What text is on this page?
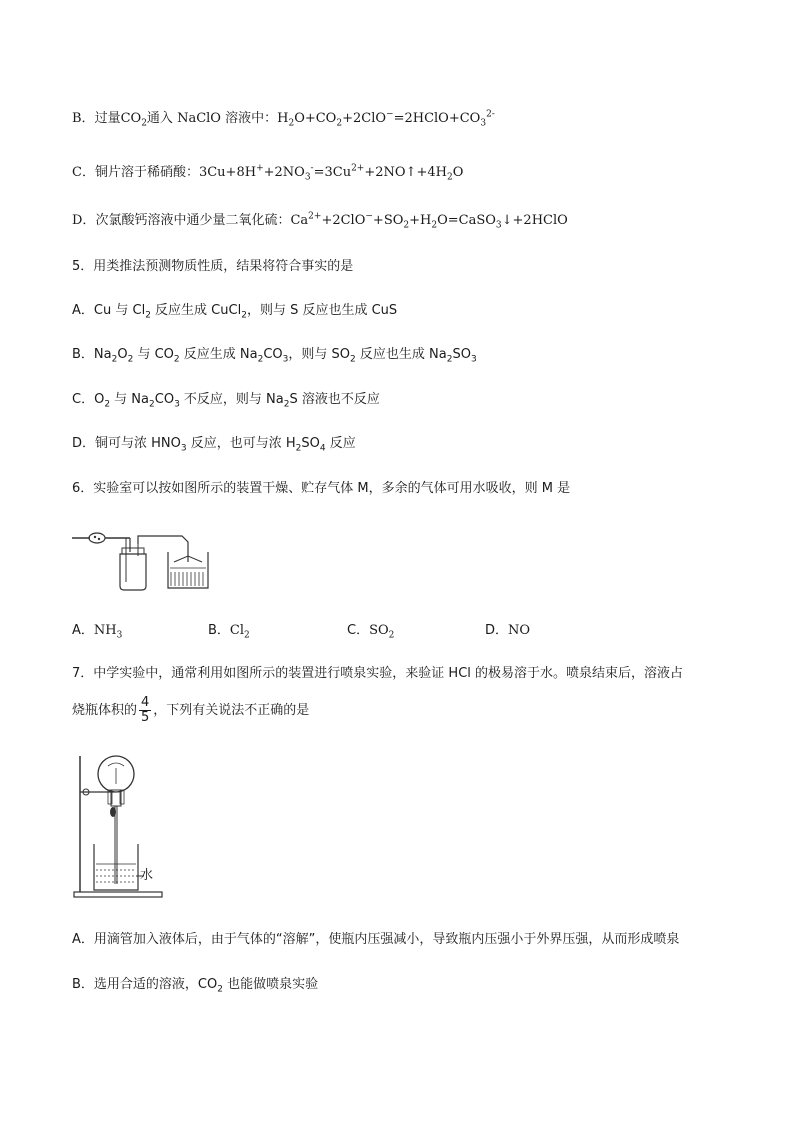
B．过量$CO_2$通入 NaClO 溶液中：$H_2O+CO_2+2ClO^-=2HClO+CO_3^{2-}$
C．铜片溶于稀硝酸：$3Cu+8H^++2NO_3^-=3Cu^{2+}+2NO↑+4H_2O$
D．次氯酸钙溶液中通少量二氧化硫：$Ca^{2+}+2ClO^-+SO_2+H_2O=CaSO_3↓+2HClO$
5．用类推法预测物质性质，结果将符合事实的是
A．Cu 与 $Cl_2$ 反应生成 CuCl$_2$，则与 S 反应也生成 CuS
B．$Na_2O_2$ 与 $CO_2$ 反应生成 $Na_2CO_3$，则与 $SO_2$ 反应也生成 $Na_2SO_3$
C．$O_2$ 与 $Na_2CO_3$ 不反应，则与 $Na_2S$ 溶液也不反应
D．铜可与浓 $HNO_3$ 反应，也可与浓 $H_2SO_4$ 反应
6．实验室可以按如图所示的装置干燥、贮存气体 M，多余的气体可用水吸收，则 M 是
A．$NH_3$	B．$Cl_2$	C．$SO_2$	D．NO
7．中学实验中，通常利用如图所示的装置进行喷泉实验，来验证 HCl 的极易溶于水。喷泉结束后，溶液占
烧瓶体积的 $\frac{4}{5}$ ，下列有关说法不正确的是
水
A．用滴管加入液体后，由于气体的“溶解”，使瓶内压强减小，导致瓶内压强小于外界压强，从而形成喷泉
B．选用合适的溶液，$CO_2$ 也能做喷泉实验
